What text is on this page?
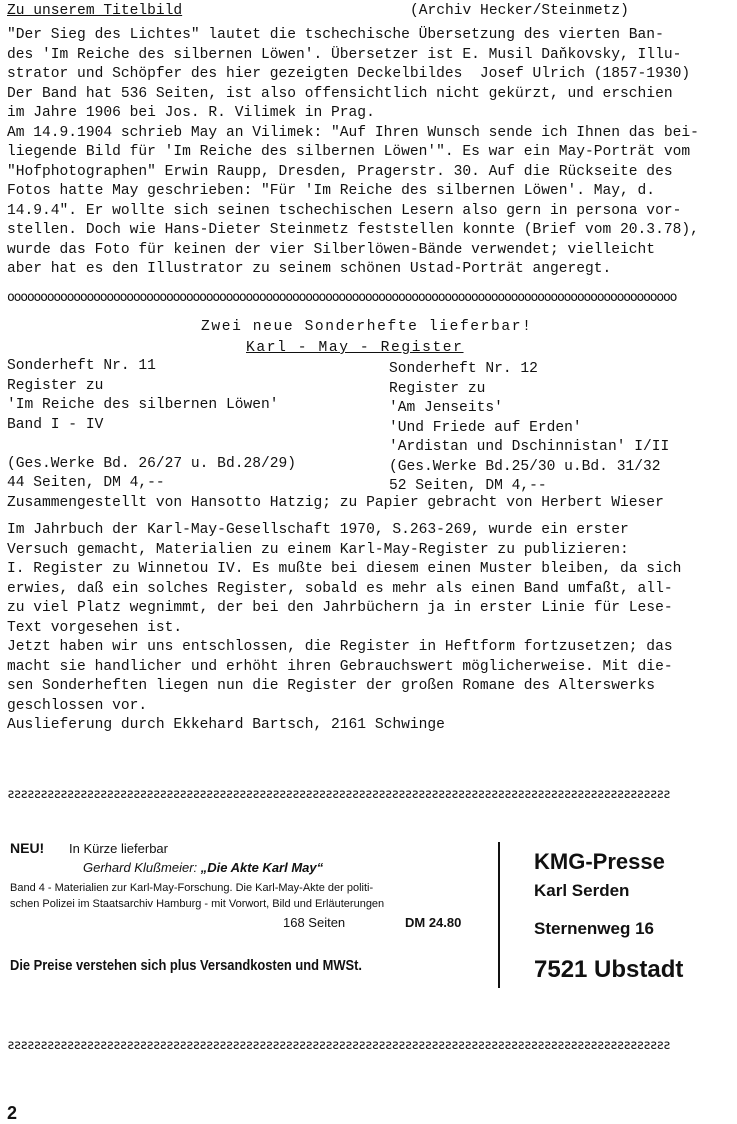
Zu unserem Titelbild	(Archiv Hecker/Steinmetz)
"Der Sieg des Lichtes" lautet die tschechische Übersetzung des vierten Ban-
des 'Im Reiche des silbernen Löwen'. Übersetzer ist E. Musil Daňkovsky, Illu-
strator und Schöpfer des hier gezeigten Deckelbildes  Josef Ulrich (1857-1930)
Der Band hat 536 Seiten, ist also offensichtlich nicht gekürzt, und erschien
im Jahre 1906 bei Jos. R. Vilimek in Prag.
Am 14.9.1904 schrieb May an Vilimek: "Auf Ihren Wunsch sende ich Ihnen das bei-
liegende Bild für 'Im Reiche des silbernen Löwen'". Es war ein May-Porträt vom
"Hofphotographen" Erwin Raupp, Dresden, Pragerstr. 30. Auf die Rückseite des
Fotos hatte May geschrieben: "Für 'Im Reiche des silbernen Löwen'. May, d.
14.9.4". Er wollte sich seinen tschechischen Lesern also gern in persona vor-
stellen. Doch wie Hans-Dieter Steinmetz feststellen konnte (Brief vom 20.3.78),
wurde das Foto für keinen der vier Silberlöwen-Bände verwendet; vielleicht
aber hat es den Illustrator zu seinem schönen Ustad-Porträt angeregt.
ooooooooooooooooooooooooooooooooooooooooooooooooooooooooooooooooooooooooooooooooooooooooooooooooooooo
Zwei neue Sonderhefte lieferbar!
Karl - May - Register
Sonderheft Nr. 11
Register zu
'Im Reiche des silbernen Löwen'
Band I - IV

(Ges.Werke Bd. 26/27 u. Bd.28/29)
44 Seiten, DM 4,--
Sonderheft Nr. 12
Register zu
'Am Jenseits'
'Und Friede auf Erden'
'Ardistan und Dschinnistan' I/II
(Ges.Werke Bd.25/30 u.Bd. 31/32
52 Seiten, DM 4,--
Zusammengestellt von Hansotto Hatzig; zu Papier gebracht von Herbert Wieser
Im Jahrbuch der Karl-May-Gesellschaft 1970, S.263-269, wurde ein erster
Versuch gemacht, Materialien zu einem Karl-May-Register zu publizieren:
I. Register zu Winnetou IV. Es mußte bei diesem einen Muster bleiben, da sich
erwies, daß ein solches Register, sobald es mehr als einen Band umfaßt, all-
zu viel Platz wegnimmt, der bei den Jahrbüchern ja in erster Linie für Lese-
Text vorgesehen ist.
Jetzt haben wir uns entschlossen, die Register in Heftform fortzusetzen; das
macht sie handlicher und erhöht ihren Gebrauchswert möglicherweise. Mit die-
sen Sonderheften liegen nun die Register der großen Romane des Alterswerks
geschlossen vor.
Auslieferung durch Ekkehard Bartsch, 2161 Schwinge
ƨƨƨƨƨƨƨƨƨƨƨƨƨƨƨƨƨƨƨƨƨƨƨƨƨƨƨƨƨƨƨƨƨƨƨƨƨƨƨƨƨƨƨƨƨƨƨƨƨƨƨƨƨƨƨƨƨƨƨƨƨƨƨƨƨƨƨƨƨƨƨƨƨƨƨƨƨƨƨƨƨƨƨƨƨƨƨƨƨƨƨƨƨƨƨƨƨƨƨƨ
NEU! In Kürze lieferbar
Gerhard Klußmeier: „Die Akte Karl May“
Band 4 - Materialien zur Karl-May-Forschung. Die Karl-May-Akte der politi-
schen Polizei im Staatsarchiv Hamburg - mit Vorwort, Bild und Erläuterungen
168 Seiten	DM 24.80
Die Preise verstehen sich plus Versandkosten und MWSt.
KMG-Presse
Karl Serden
Sternenweg 16
7521 Ubstadt
ƨƨƨƨƨƨƨƨƨƨƨƨƨƨƨƨƨƨƨƨƨƨƨƨƨƨƨƨƨƨƨƨƨƨƨƨƨƨƨƨƨƨƨƨƨƨƨƨƨƨƨƨƨƨƨƨƨƨƨƨƨƨƨƨƨƨƨƨƨƨƨƨƨƨƨƨƨƨƨƨƨƨƨƨƨƨƨƨƨƨƨƨƨƨƨƨƨƨƨƨ
2
